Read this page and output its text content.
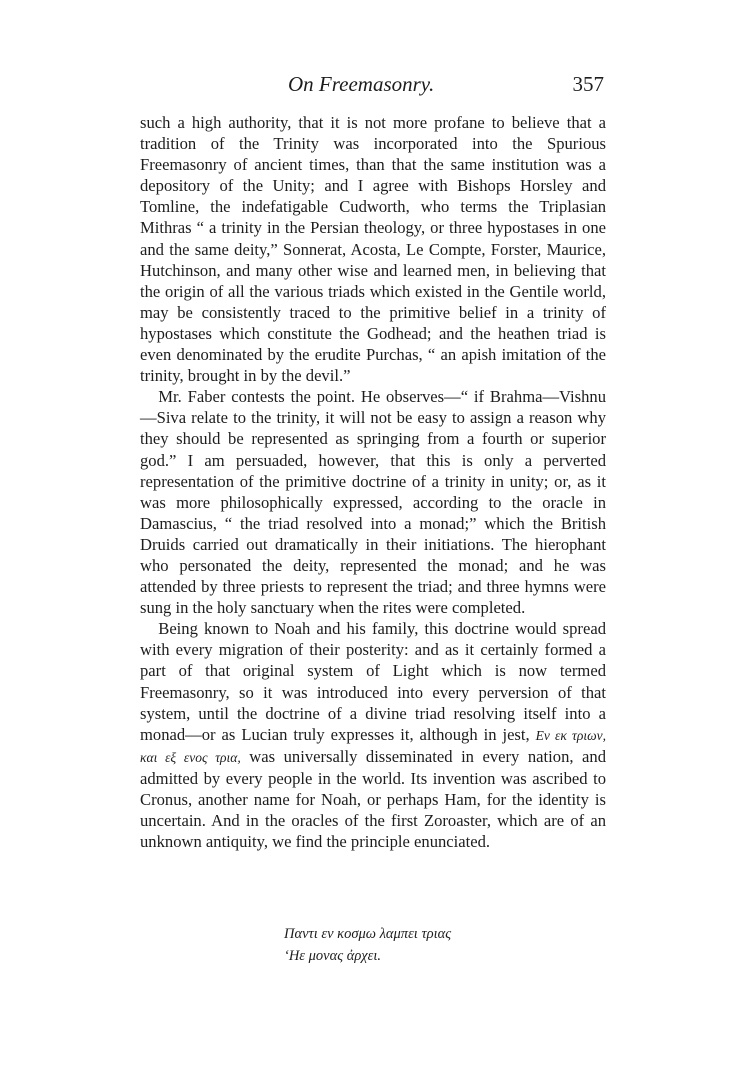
On Freemasonry.	357

such a high authority, that it is not more profane to believe that a tradition of the Trinity was incorporated into the Spurious Freemasonry of ancient times, than that the same institution was a depository of the Unity; and I agree with Bishops Horsley and Tomline, the indefatigable Cudworth, who terms the Triplasian Mithras “ a trinity in the Persian theology, or three hypostases in one and the same deity,” Sonnerat, Acosta, Le Compte, Forster, Maurice, Hutchinson, and many other wise and learned men, in believing that the origin of all the various triads which existed in the Gentile world, may be consistently traced to the primitive belief in a trinity of hypostases which constitute the Godhead; and the heathen triad is even denominated by the erudite Purchas, “ an apish imitation of the trinity, brought in by the devil.”

Mr. Faber contests the point. He observes—“ if Brahma—Vishnu—Siva relate to the trinity, it will not be easy to assign a reason why they should be represented as springing from a fourth or superior god.” I am persuaded, however, that this is only a perverted representation of the primitive doctrine of a trinity in unity; or, as it was more philosophically expressed, according to the oracle in Damascius, “ the triad resolved into a monad;” which the British Druids carried out dramatically in their initiations. The hierophant who personated the deity, represented the monad; and he was attended by three priests to represent the triad; and three hymns were sung in the holy sanctuary when the rites were completed.

Being known to Noah and his family, this doctrine would spread with every migration of their posterity: and as it certainly formed a part of that original system of Light which is now termed Freemasonry, so it was introduced into every perversion of that system, until the doctrine of a divine triad resolving itself into a monad—or as Lucian truly expresses it, although in jest, Εν εκ τριων, και εξ ενος τρια, was universally disseminated in every nation, and admitted by every people in the world. Its invention was ascribed to Cronus, another name for Noah, or perhaps Ham, for the identity is uncertain. And in the oracles of the first Zoroaster, which are of an unknown antiquity, we find the principle enunciated.

Παντι εν κοσμω λαμπει τριας
‘Ηε μονας ἀρχει.
